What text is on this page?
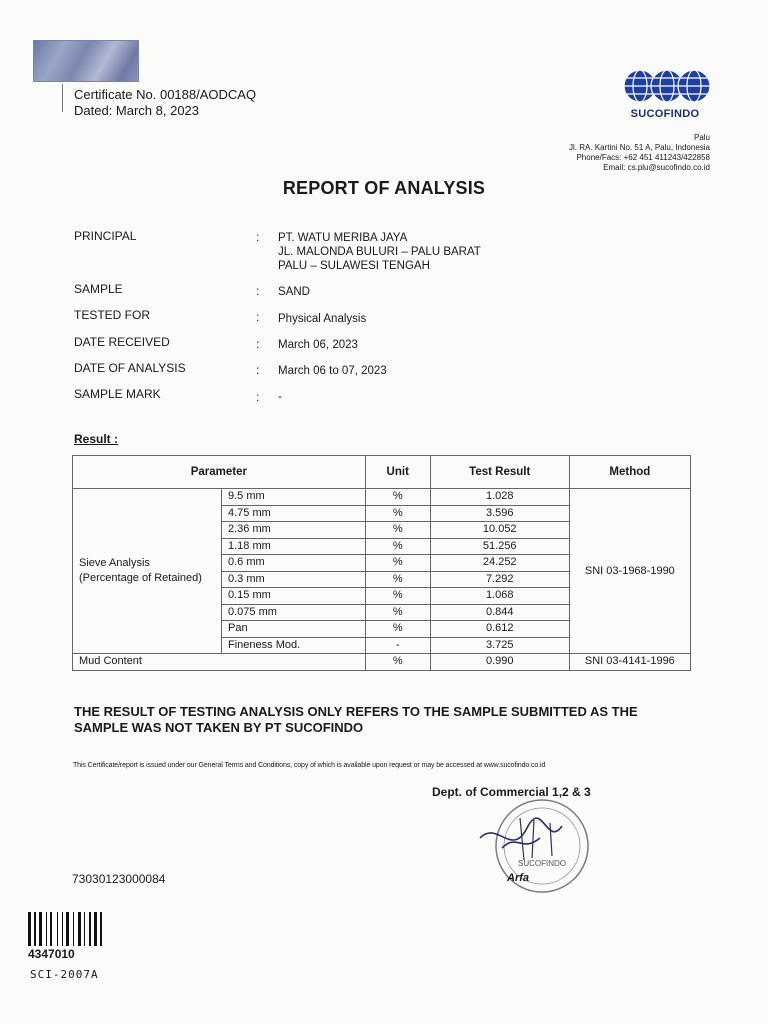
Certificate No. 00188/AODCAQ
Dated: March 8, 2023	SUCOFINDO
Palu
Jl. RA. Kartini No. 51 A, Palu, Indonesia
Phone/Facs: +62 451 411243/422858
Email: cs.plu@sucofindo.co.id
REPORT OF ANALYSIS
PRINCIPAL	: PT. WATU MERIBA JAYA
JL. MALONDA BULURI – PALU BARAT
PALU – SULAWESI TENGAH
SAMPLE	: SAND
TESTED FOR	: Physical Analysis
DATE RECEIVED	: March 06, 2023
DATE OF ANALYSIS	: March 06 to 07, 2023
SAMPLE MARK	: -
Result :
Parameter		Unit	Test Result	Method

Sieve Analysis
(Percentage of Retained)	9.5 mm	%	1.028	SNI 03-1968-1990
	4.75 mm	%	3.596	
	2.36 mm	%	10.052	
	1.18 mm	%	51.256	
	0.6 mm	%	24.252	
	0.3 mm	%	7.292	
	0.15 mm	%	1.068	
	0.075 mm	%	0.844	
	Pan	%	0.612	
	Fineness Mod.	-	3.725	
Mud Content		%	0.990	SNI 03-4141-1996
THE RESULT OF TESTING ANALYSIS ONLY REFERS TO THE SAMPLE SUBMITTED AS THE SAMPLE WAS NOT TAKEN BY PT SUCOFINDO
This Certificate/report is issued under our General Terms and Conditions, copy of which is available upon request or may be accessed at www.sucofindo.co.id
Dept. of Commercial 1,2 & 3
SUCOFINDO
Arfa
73030123000084
4347010
SCI-2007A
